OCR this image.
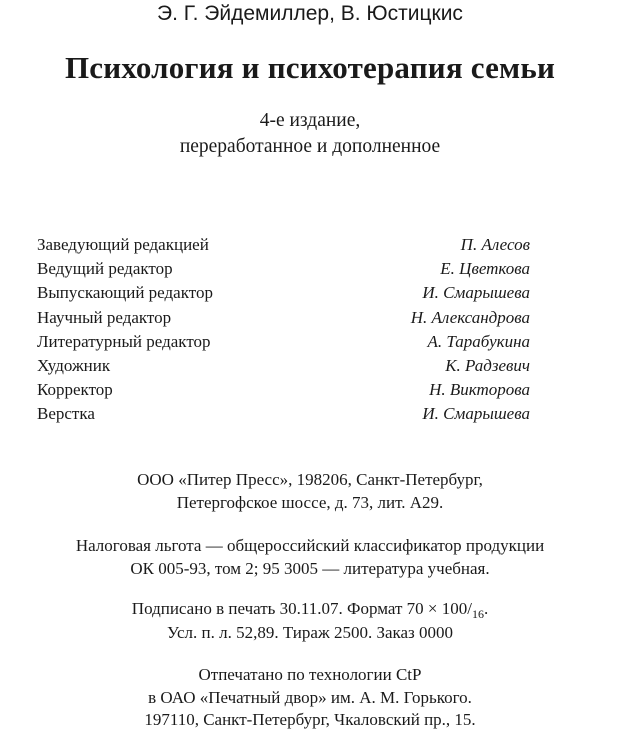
Э. Г. Эйдемиллер, В. Юстицкис
Психология и психотерапия семьи
4-е издание,
переработанное и дополненное
Заведующий редакцией	П. Алесов
Ведущий редактор	Е. Цветкова
Выпускающий редактор	И. Смарышева
Научный редактор	Н. Александрова
Литературный редактор	А. Тарабукина
Художник	К. Радзевич
Корректор	Н. Викторова
Верстка	И. Смарышева
ООО «Питер Пресс», 198206, Санкт-Петербург,
Петергофское шоссе, д. 73, лит. А29.
Налоговая льгота — общероссийский классификатор продукции
ОК 005-93, том 2; 95 3005 — литература учебная.
Подписано в печать 30.11.07. Формат 70 × 100/16.
Усл. п. л. 52,89. Тираж 2500. Заказ 0000
Отпечатано по технологии CtP
в ОАО «Печатный двор» им. А. М. Горького.
197110, Санкт-Петербург, Чкаловский пр., 15.
